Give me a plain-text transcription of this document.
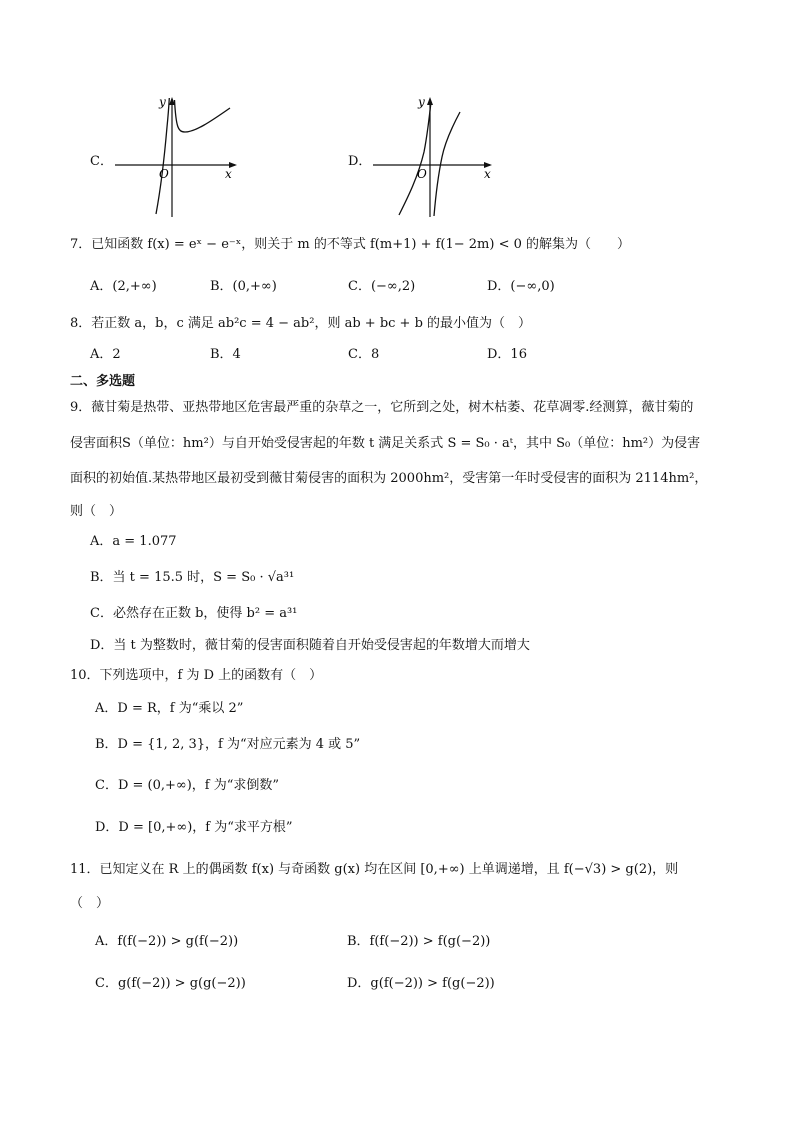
C．
y
x
O
D．
y
x
O
7．已知函数 f(x) = eˣ − e⁻ˣ，则关于 m 的不等式 f(m+1) + f(1− 2m) < 0 的解集为（　　）
A．(2,+∞)	B．(0,+∞)	C．(−∞,2)	D．(−∞,0)
8．若正数 a，b，c 满足 ab²c = 4 − ab²，则 ab + bc + b 的最小值为（　）
A．2	B．4	C．8	D．16
二、多选题
9．薇甘菊是热带、亚热带地区危害最严重的杂草之一，它所到之处，树木枯萎、花草凋零.经测算，薇甘菊的
侵害面积S（单位：hm²）与自开始受侵害起的年数 t 满足关系式 S = S₀ · aᵗ，其中 S₀（单位：hm²）为侵害
面积的初始值.某热带地区最初受到薇甘菊侵害的面积为 2000hm²，受害第一年时受侵害的面积为 2114hm²，
则（　）
A．a = 1.077
B．当 t = 15.5 时，S = S₀ · √a³¹
C．必然存在正数 b，使得 b² = a³¹
D．当 t 为整数时，薇甘菊的侵害面积随着自开始受侵害起的年数增大而增大
10．下列选项中，f 为 D 上的函数有（　）
A．D = R，f 为“乘以 2”
B．D = {1, 2, 3}，f 为“对应元素为 4 或 5”
C．D = (0,+∞)，f 为“求倒数”
D．D = [0,+∞)，f 为“求平方根”
11．已知定义在 R 上的偶函数 f(x) 与奇函数 g(x) 均在区间 [0,+∞) 上单调递增，且 f(−√3) > g(2)，则
（　）
A．f(f(−2)) > g(f(−2))	B．f(f(−2)) > f(g(−2))
C．g(f(−2)) > g(g(−2))	D．g(f(−2)) > f(g(−2))
